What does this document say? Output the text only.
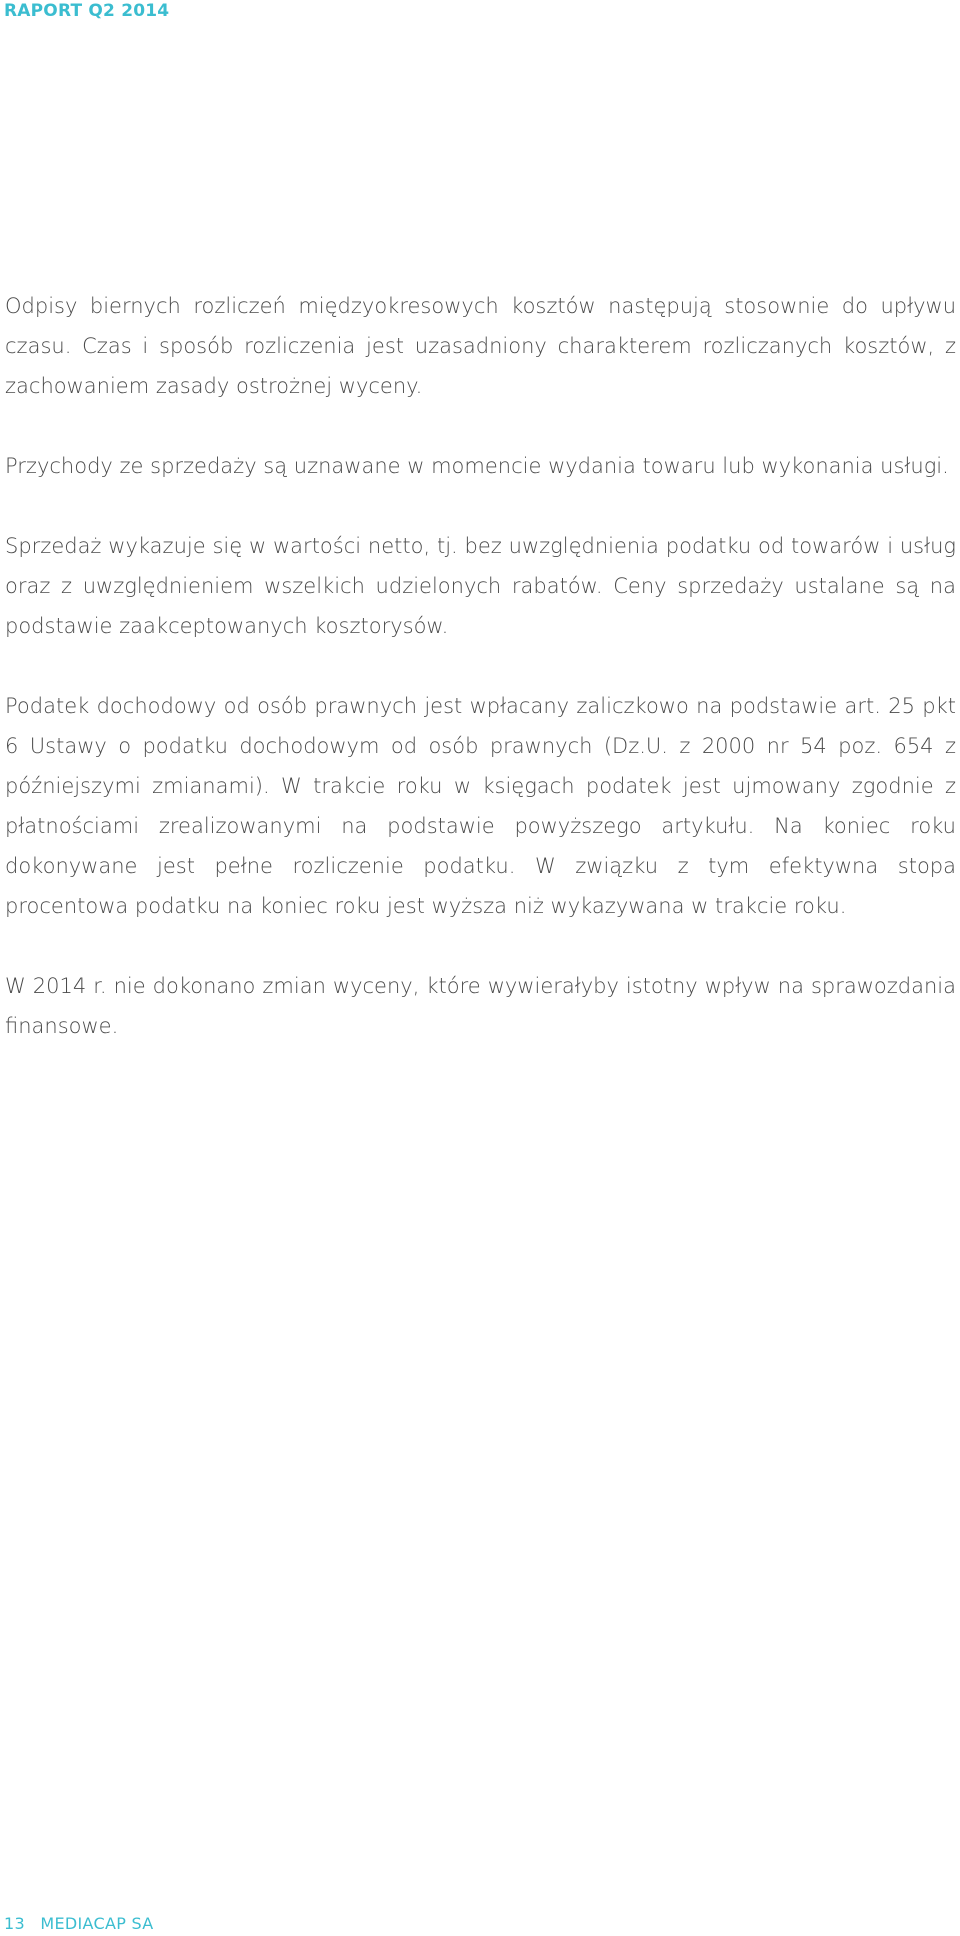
RAPORT Q2 2014

Odpisy biernych rozliczeń międzyokresowych kosztów następują stosownie do upływu czasu. Czas i sposób rozliczenia jest uzasadniony charakterem rozliczanych kosztów, z zachowaniem zasady ostrożnej wyceny.

Przychody ze sprzedaży są uznawane w momencie wydania towaru lub wykonania usługi.

Sprzedaż wykazuje się w wartości netto, tj. bez uwzględnienia podatku od towarów i usług oraz z uwzględnieniem wszelkich udzielonych rabatów. Ceny sprzedaży ustalane są na podstawie zaakceptowanych kosztorysów.

Podatek dochodowy od osób prawnych jest wpłacany zaliczkowo na podstawie art. 25 pkt 6 Ustawy o podatku dochodowym od osób prawnych (Dz.U. z 2000 nr 54 poz. 654 z późniejszymi zmianami). W trakcie roku w księgach podatek jest ujmowany zgodnie z płatnościami zrealizowanymi na podstawie powyższego artykułu. Na koniec roku dokonywane jest pełne rozliczenie podatku. W związku z tym efektywna stopa procentowa podatku na koniec roku jest wyższa niż wykazywana w trakcie roku.

W 2014 r. nie dokonano zmian wyceny, które wywierałyby istotny wpływ na sprawozdania finansowe.

13 MEDIACAP SA
